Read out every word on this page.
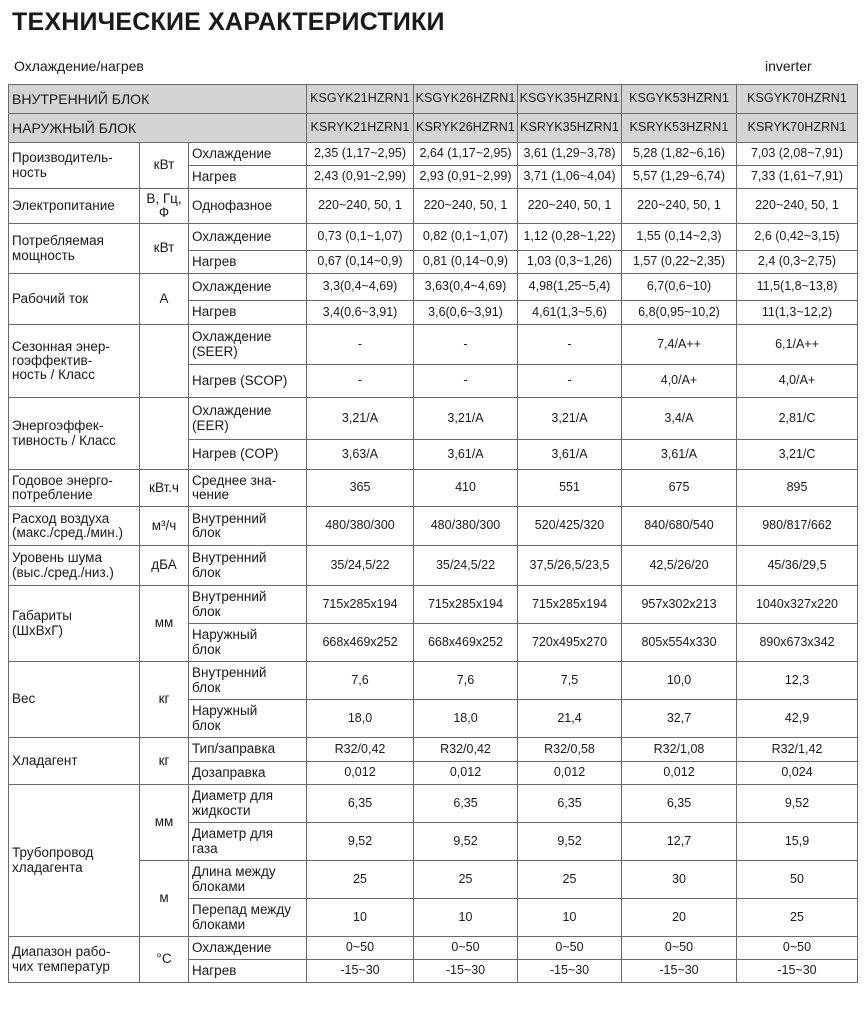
ТЕХНИЧЕСКИЕ ХАРАКТЕРИСТИКИ
Охлаждение/нагрев	inverter
ВНУТРЕННИЙ БЛОК			KSGYK21HZRN1	KSGYK26HZRN1	KSGYK35HZRN1	KSGYK53HZRN1	KSGYK70HZRN1
НАРУЖНЫЙ БЛОК			KSRYK21HZRN1	KSRYK26HZRN1	KSRYK35HZRN1	KSRYK53HZRN1	KSRYK70HZRN1
Производитель-
ность	кВт	Охлаждение	2,35 (1,17~2,95)	2,64 (1,17~2,95)	3,61 (1,29~3,78)	5,28 (1,82~6,16)	7,03 (2,08~7,91)
		Нагрев	2,43 (0,91~2,99)	2,93 (0,91~2,99)	3,71 (1,06~4,04)	5,57 (1,29~6,74)	7,33 (1,61~7,91)
Электропитание	В, Гц,
Ф	Однофазное	220~240, 50, 1	220~240, 50, 1	220~240, 50, 1	220~240, 50, 1	220~240, 50, 1
Потребляемая
мощность	кВт	Охлаждение	0,73 (0,1~1,07)	0,82 (0,1~1,07)	1,12 (0,28~1,22)	1,55 (0,14~2,3)	2,6 (0,42~3,15)
		Нагрев	0,67 (0,14~0,9)	0,81 (0,14~0,9)	1,03 (0,3~1,26)	1,57 (0,22~2,35)	2,4 (0,3~2,75)
Рабочий ток	A	Охлаждение	3,3(0,4~4,69)	3,63(0,4~4,69)	4,98(1,25~5,4)	6,7(0,6~10)	11,5(1,8~13,8)
		Нагрев	3,4(0,6~3,91)	3,6(0,6~3,91)	4,61(1,3~5,6)	6,8(0,95~10,2)	11(1,3~12,2)
Сезонная энер-
гоэффектив-
ность / Класс		Охлаждение
(SEER)	-	-	-	7,4/A++	6,1/A++
		Нагрев (SCOP)	-	-	-	4,0/A+	4,0/A+
Энергоэффек-
тивность / Класс		Охлаждение
(EER)	3,21/A	3,21/A	3,21/A	3,4/A	2,81/C
		Нагрев (COP)	3,63/A	3,61/A	3,61/A	3,61/A	3,21/C
Годовое энерго-
потребление	кВт.ч	Среднее зна-
чение	365	410	551	675	895
Расход воздуха
(макс./сред./мин.)	м³/ч	Внутренний
блок	480/380/300	480/380/300	520/425/320	840/680/540	980/817/662
Уровень шума
(выс./сред./низ.)	дБА	Внутренний
блок	35/24,5/22	35/24,5/22	37,5/26,5/23,5	42,5/26/20	45/36/29,5
Габариты
(ШхВхГ)	мм	Внутренний
блок	715x285x194	715x285x194	715x285x194	957x302x213	1040x327x220
		Наружный
блок	668x469x252	668x469x252	720x495x270	805x554x330	890x673x342
Вес	кг	Внутренний
блок	7,6	7,6	7,5	10,0	12,3
		Наружный
блок	18,0	18,0	21,4	32,7	42,9
Хладагент	кг	Тип/заправка	R32/0,42	R32/0,42	R32/0,58	R32/1,08	R32/1,42
		Дозаправка	0,012	0,012	0,012	0,012	0,024
Трубопровод
хладагента	мм	Диаметр для
жидкости	6,35	6,35	6,35	6,35	9,52
		Диаметр для
газа	9,52	9,52	9,52	12,7	15,9
	м	Длина между
блоками	25	25	25	30	50
		Перепад между
блоками	10	10	10	20	25
Диапазон рабо-
чих температур	°C	Охлаждение	0~50	0~50	0~50	0~50	0~50
		Нагрев	-15~30	-15~30	-15~30	-15~30	-15~30
